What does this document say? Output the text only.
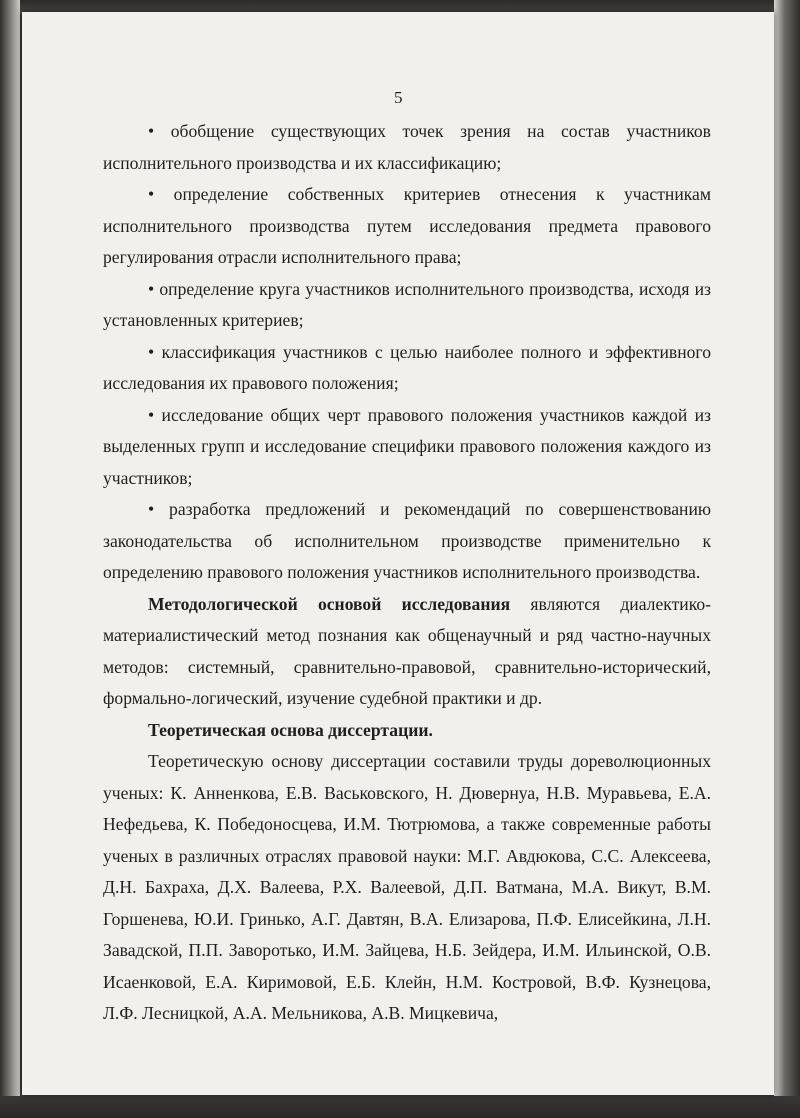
5

• обобщение существующих точек зрения на состав участников исполнительного производства и их классификацию;

• определение собственных критериев отнесения к участникам исполнительного производства путем исследования предмета правового регулирования отрасли исполнительного права;

• определение круга участников исполнительного производства, исходя из установленных критериев;

• классификация участников с целью наиболее полного и эффективного исследования их правового положения;

• исследование общих черт правового положения участников каждой из выделенных групп и исследование специфики правового положения каждого из участников;

• разработка предложений и рекомендаций по совершенствованию законодательства об исполнительном производстве применительно к определению правового положения участников исполнительного производства.

Методологической основой исследования являются диалектико-материалистический метод познания как общенаучный и ряд частно-научных методов: системный, сравнительно-правовой, сравнительно-исторический, формально-логический, изучение судебной практики и др.

Теоретическая основа диссертации.

Теоретическую основу диссертации составили труды дореволюционных ученых: К. Анненкова, Е.В. Васьковского, Н. Дювернуа, Н.В. Муравьева, Е.А. Нефедьева, К. Победоносцева, И.М. Тютрюмова, а также современные работы ученых в различных отраслях правовой науки: М.Г. Авдюкова, С.С. Алексеева, Д.Н. Бахраха, Д.Х. Валеева, Р.Х. Валеевой, Д.П. Ватмана, М.А. Викут, В.М. Горшенева, Ю.И. Гринько, А.Г. Давтян, В.А. Елизарова, П.Ф. Елисейкина, Л.Н. Завадской, П.П. Заворотько, И.М. Зайцева, Н.Б. Зейдера, И.М. Ильинской, О.В. Исаенковой, Е.А. Киримовой, Е.Б. Клейн, Н.М. Костровой, В.Ф. Кузнецова, Л.Ф. Лесницкой, А.А. Мельникова, А.В. Мицкевича,
